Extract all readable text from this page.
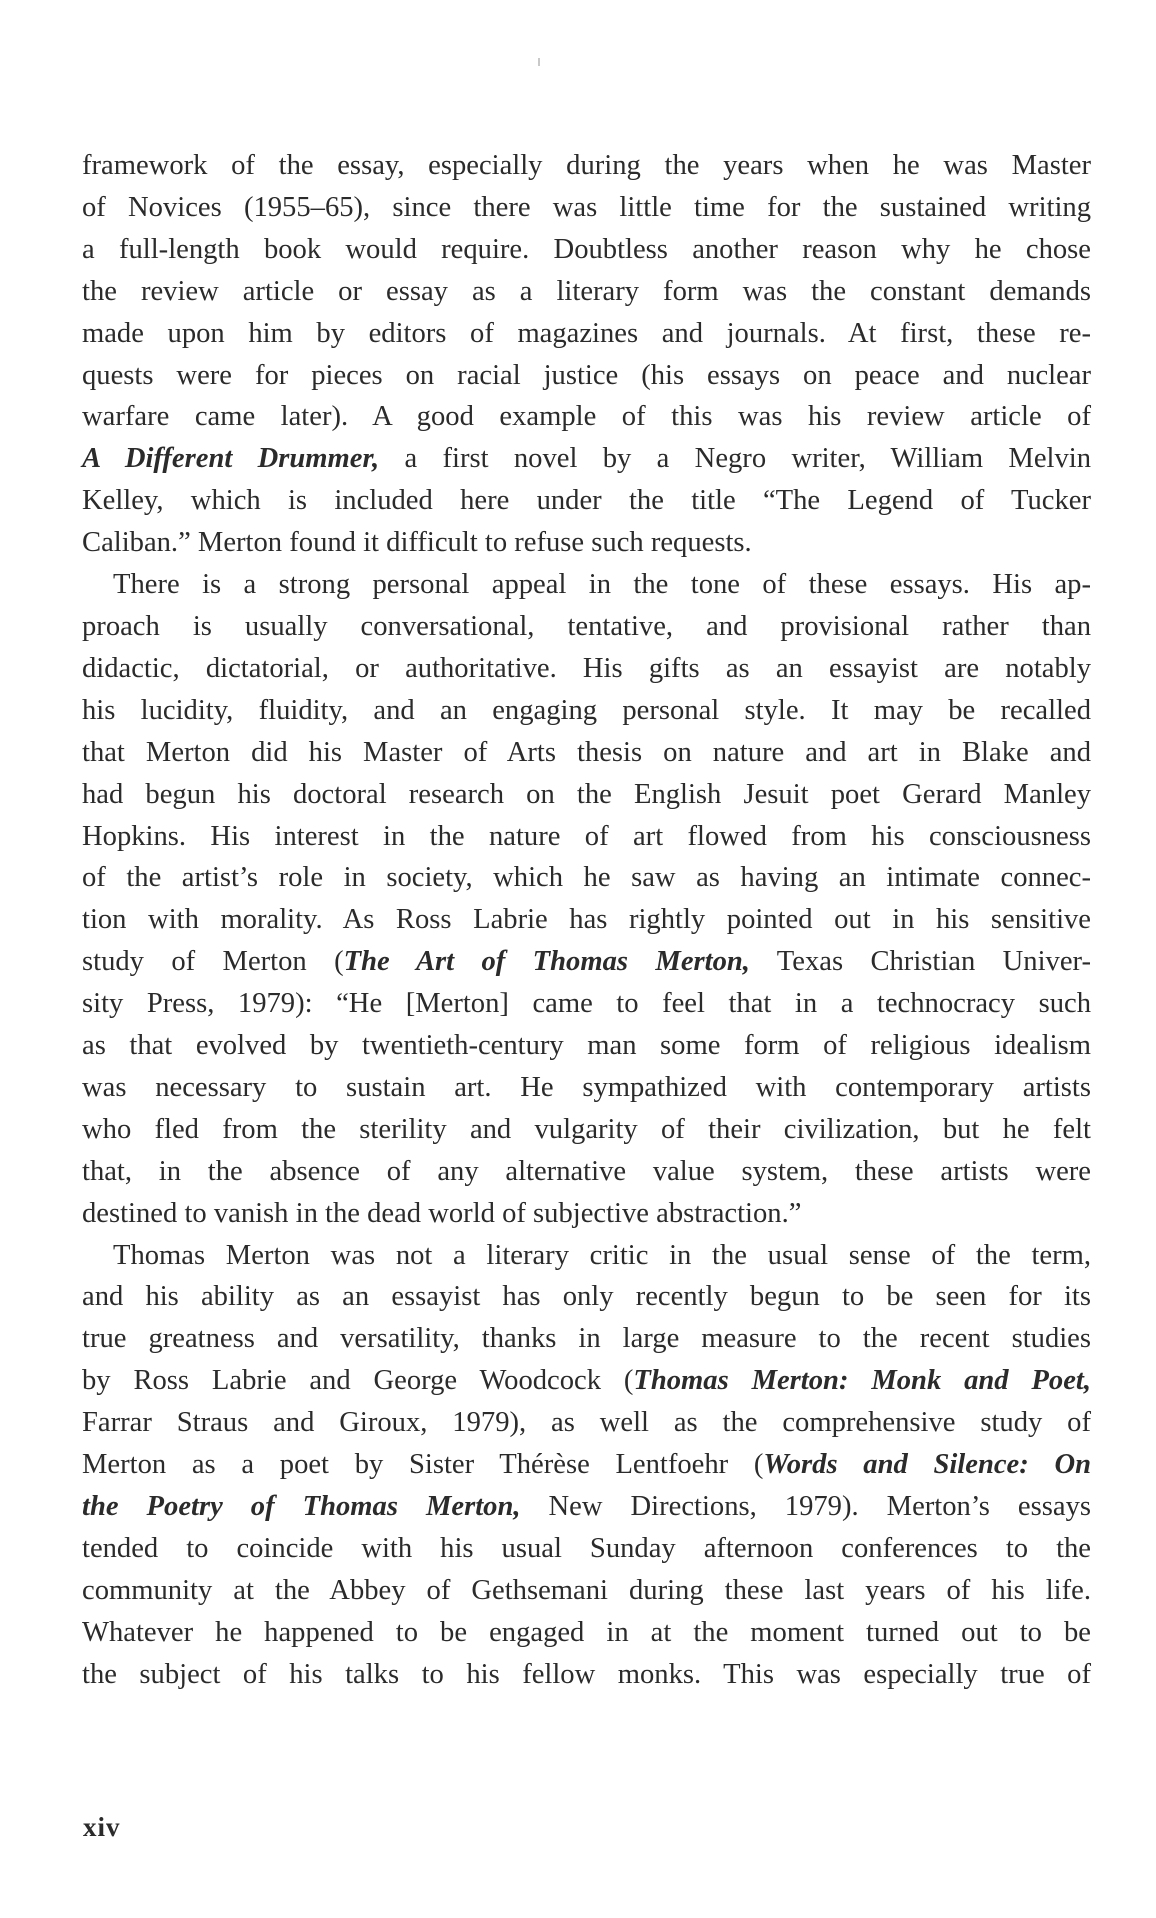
framework of the essay, especially during the years when he was Master
of Novices (1955–65), since there was little time for the sustained writing
a full-length book would require. Doubtless another reason why he chose
the review article or essay as a literary form was the constant demands
made upon him by editors of magazines and journals. At first, these re-
quests were for pieces on racial justice (his essays on peace and nuclear
warfare came later). A good example of this was his review article of
A Different Drummer, a first novel by a Negro writer, William Melvin
Kelley, which is included here under the title “The Legend of Tucker
Caliban.” Merton found it difficult to refuse such requests.
There is a strong personal appeal in the tone of these essays. His ap-
proach is usually conversational, tentative, and provisional rather than
didactic, dictatorial, or authoritative. His gifts as an essayist are notably
his lucidity, fluidity, and an engaging personal style. It may be recalled
that Merton did his Master of Arts thesis on nature and art in Blake and
had begun his doctoral research on the English Jesuit poet Gerard Manley
Hopkins. His interest in the nature of art flowed from his consciousness
of the artist’s role in society, which he saw as having an intimate connec-
tion with morality. As Ross Labrie has rightly pointed out in his sensitive
study of Merton (The Art of Thomas Merton, Texas Christian Univer-
sity Press, 1979): “He [Merton] came to feel that in a technocracy such
as that evolved by twentieth-century man some form of religious idealism
was necessary to sustain art. He sympathized with contemporary artists
who fled from the sterility and vulgarity of their civilization, but he felt
that, in the absence of any alternative value system, these artists were
destined to vanish in the dead world of subjective abstraction.”
Thomas Merton was not a literary critic in the usual sense of the term,
and his ability as an essayist has only recently begun to be seen for its
true greatness and versatility, thanks in large measure to the recent studies
by Ross Labrie and George Woodcock (Thomas Merton: Monk and Poet,
Farrar Straus and Giroux, 1979), as well as the comprehensive study of
Merton as a poet by Sister Thérèse Lentfoehr (Words and Silence: On
the Poetry of Thomas Merton, New Directions, 1979). Merton’s essays
tended to coincide with his usual Sunday afternoon conferences to the
community at the Abbey of Gethsemani during these last years of his life.
Whatever he happened to be engaged in at the moment turned out to be
the subject of his talks to his fellow monks. This was especially true of
xiv
